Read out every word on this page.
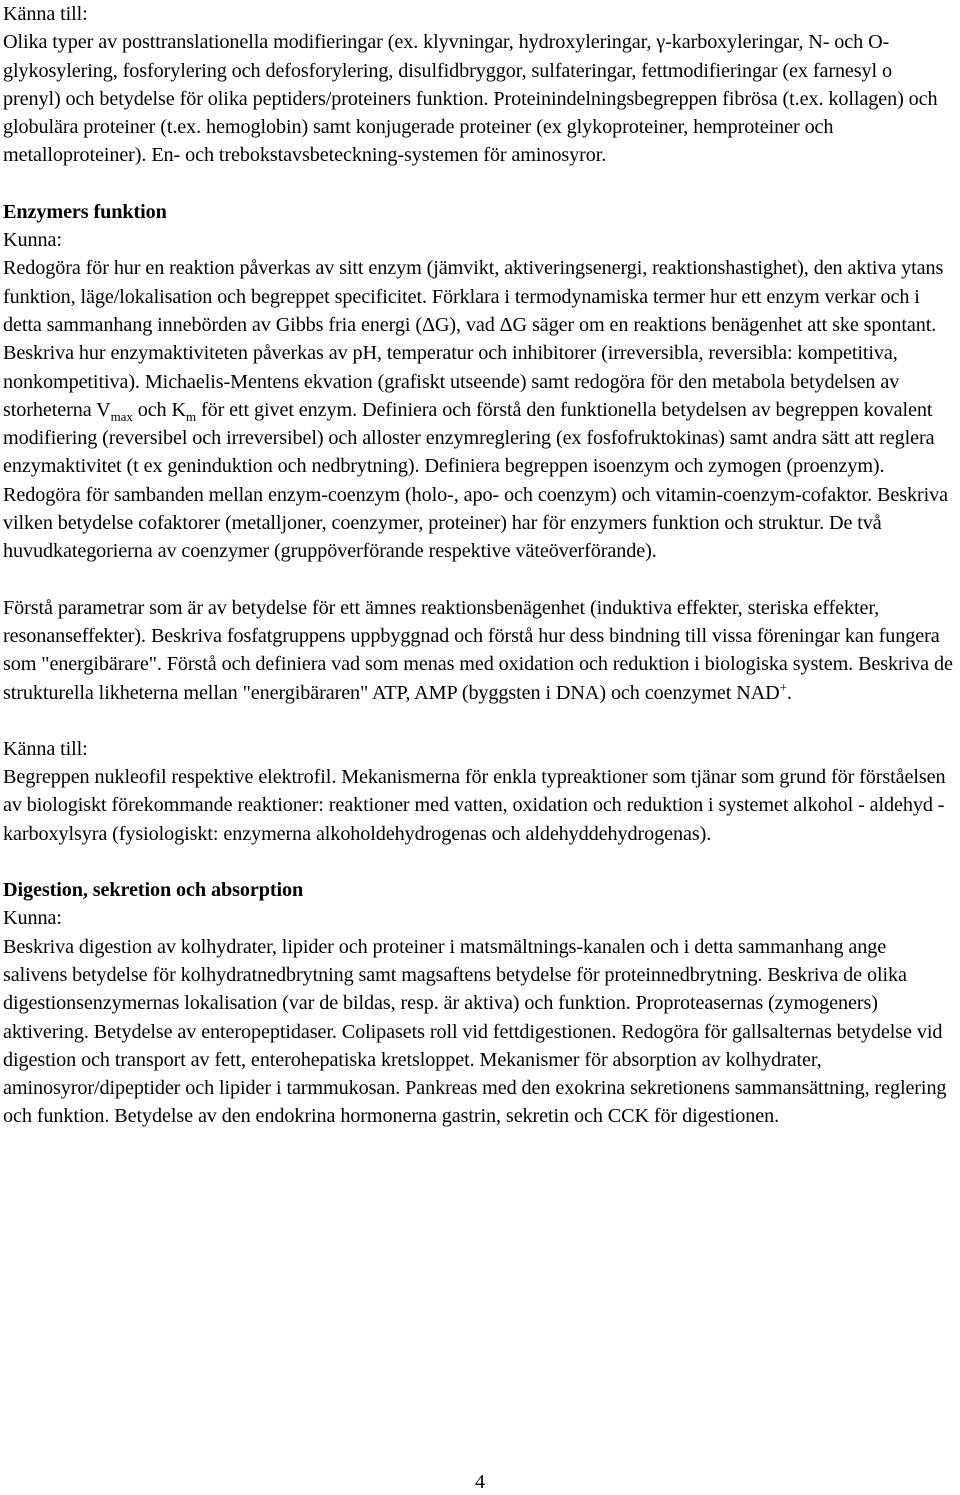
Känna till:

Olika typer av posttranslationella modifieringar (ex. klyvningar, hydroxyleringar, γ-karboxyleringar, N- och O- glykosylering, fosforylering och defosforylering, disulfidbryggor, sulfateringar, fettmodifieringar (ex farnesyl o prenyl) och betydelse för olika peptiders/proteiners funktion. Proteinindelningsbegreppen fibrösa (t.ex. kollagen) och globulära proteiner (t.ex. hemoglobin) samt konjugerade proteiner (ex glykoproteiner, hemproteiner och metalloproteiner). En- och trebokstavsbeteckning-systemen för aminosyror.

Enzymers funktion

Kunna:

Redogöra för hur en reaktion påverkas av sitt enzym (jämvikt, aktiveringsenergi, reaktionshastighet), den aktiva ytans funktion, läge/lokalisation och begreppet specificitet. Förklara i termodynamiska termer hur ett enzym verkar och i detta sammanhang innebörden av Gibbs fria energi (ΔG), vad ΔG säger om en reaktions benägenhet att ske spontant. Beskriva hur enzymaktiviteten påverkas av pH, temperatur och inhibitorer (irreversibla, reversibla: kompetitiva, nonkompetitiva). Michaelis-Mentens ekvation (grafiskt utseende) samt redogöra för den metabola betydelsen av storheterna $V_{max}$ och $K_m$ för ett givet enzym. Definiera och förstå den funktionella betydelsen av begreppen kovalent modifiering (reversibel och irreversibel) och alloster enzymreglering (ex fosfofruktokinas) samt andra sätt att reglera enzymaktivitet (t ex geninduktion och nedbrytning). Definiera begreppen isoenzym och zymogen (proenzym). Redogöra för sambanden mellan enzym-coenzym (holo-, apo- och coenzym) och vitamin-coenzym-cofaktor. Beskriva vilken betydelse cofaktorer (metalljoner, coenzymer, proteiner) har för enzymers funktion och struktur. De två huvudkategorierna av coenzymer (gruppöverförande respektive väteöverförande).

Förstå parametrar som är av betydelse för ett ämnes reaktionsbenägenhet (induktiva effekter, steriska effekter, resonanseffekter). Beskriva fosfatgruppens uppbyggnad och förstå hur dess bindning till vissa föreningar kan fungera som "energibärare". Förstå och definiera vad som menas med oxidation och reduktion i biologiska system. Beskriva de strukturella likheterna mellan "energibäraren" ATP, AMP (byggsten i DNA) och coenzymet NAD+.

Känna till:

Begreppen nukleofil respektive elektrofil. Mekanismerna för enkla typreaktioner som tjänar som grund för förståelsen av biologiskt förekommande reaktioner: reaktioner med vatten, oxidation och reduktion i systemet alkohol - aldehyd - karboxylsyra (fysiologiskt: enzymerna alkoholdehydrogenas och aldehyddehydrogenas).

Digestion, sekretion och absorption

Kunna:

Beskriva digestion av kolhydrater, lipider och proteiner i matsmältnings-kanalen och i detta sammanhang ange salivens betydelse för kolhydratnedbrytning samt magsaftens betydelse för proteinnedbrytning. Beskriva de olika digestionsenzymernas lokalisation (var de bildas, resp. är aktiva) och funktion. Proproteasernas (zymogeners) aktivering. Betydelse av enteropeptidaser. Colipasets roll vid fettdigestionen. Redogöra för gallsalternas betydelse vid digestion och transport av fett, enterohepatiska kretsloppet. Mekanismer för absorption av kolhydrater, aminosyror/dipeptider och lipider i tarmmukosan. Pankreas med den exokrina sekretionens sammansättning, reglering och funktion. Betydelse av den endokrina hormonerna gastrin, sekretin och CCK för digestionen.

4
